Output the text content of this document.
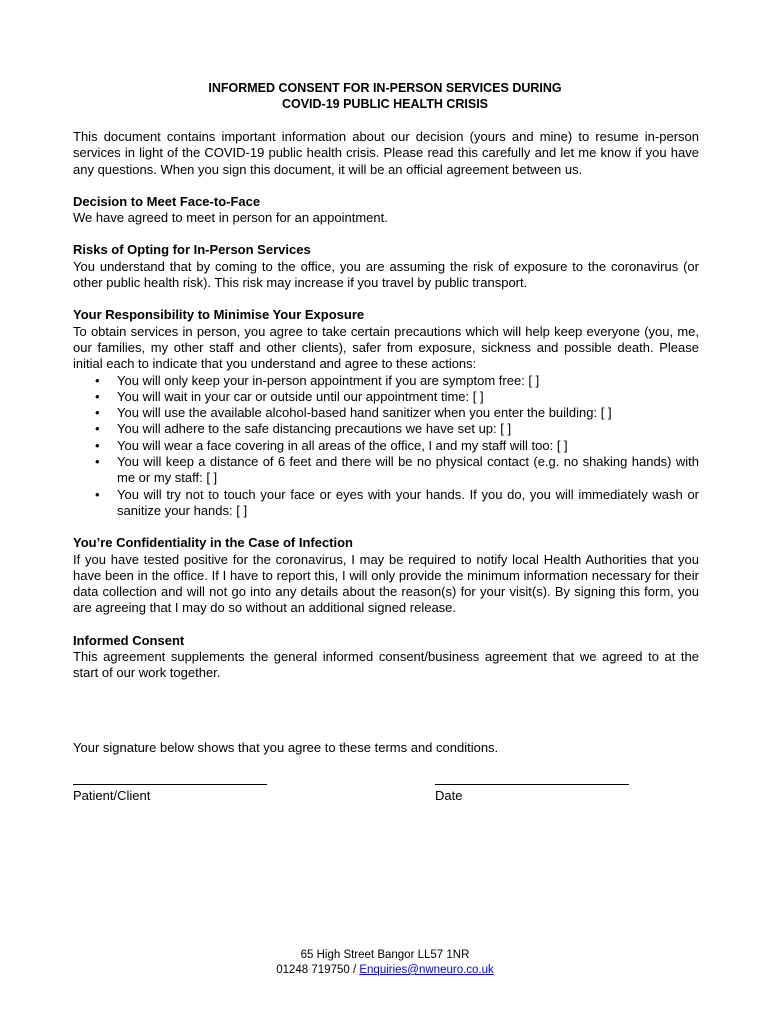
INFORMED CONSENT FOR IN-PERSON SERVICES DURING
COVID-19 PUBLIC HEALTH CRISIS

This document contains important information about our decision (yours and mine) to resume in-person services in light of the COVID-19 public health crisis. Please read this carefully and let me know if you have any questions. When you sign this document, it will be an official agreement between us.

Decision to Meet Face-to-Face

We have agreed to meet in person for an appointment.

Risks of Opting for In-Person Services

You understand that by coming to the office, you are assuming the risk of exposure to the coronavirus (or other public health risk). This risk may increase if you travel by public transport.

Your Responsibility to Minimise Your Exposure

To obtain services in person, you agree to take certain precautions which will help keep everyone (you, me, our families, my other staff and other clients), safer from exposure, sickness and possible death. Please initial each to indicate that you understand and agree to these actions:

• You will only keep your in-person appointment if you are symptom free: [ ]
• You will wait in your car or outside until our appointment time: [ ]
• You will use the available alcohol-based hand sanitizer when you enter the building: [ ]
• You will adhere to the safe distancing precautions we have set up: [ ]
• You will wear a face covering in all areas of the office, I and my staff will too: [ ]
• You will keep a distance of 6 feet and there will be no physical contact (e.g. no shaking hands) with me or my staff: [ ]
• You will try not to touch your face or eyes with your hands. If you do, you will immediately wash or sanitize your hands: [ ]
You’re Confidentiality in the Case of Infection

If you have tested positive for the coronavirus, I may be required to notify local Health Authorities that you have been in the office. If I have to report this, I will only provide the minimum information necessary for their data collection and will not go into any details about the reason(s) for your visit(s). By signing this form, you are agreeing that I may do so without an additional signed release.

Informed Consent

This agreement supplements the general informed consent/business agreement that we agreed to at the start of our work together.

Your signature below shows that you agree to these terms and conditions.
Patient/Client	Date
65 High Street Bangor LL57 1NR
01248 719750 / Enquiries@nwneuro.co.uk
